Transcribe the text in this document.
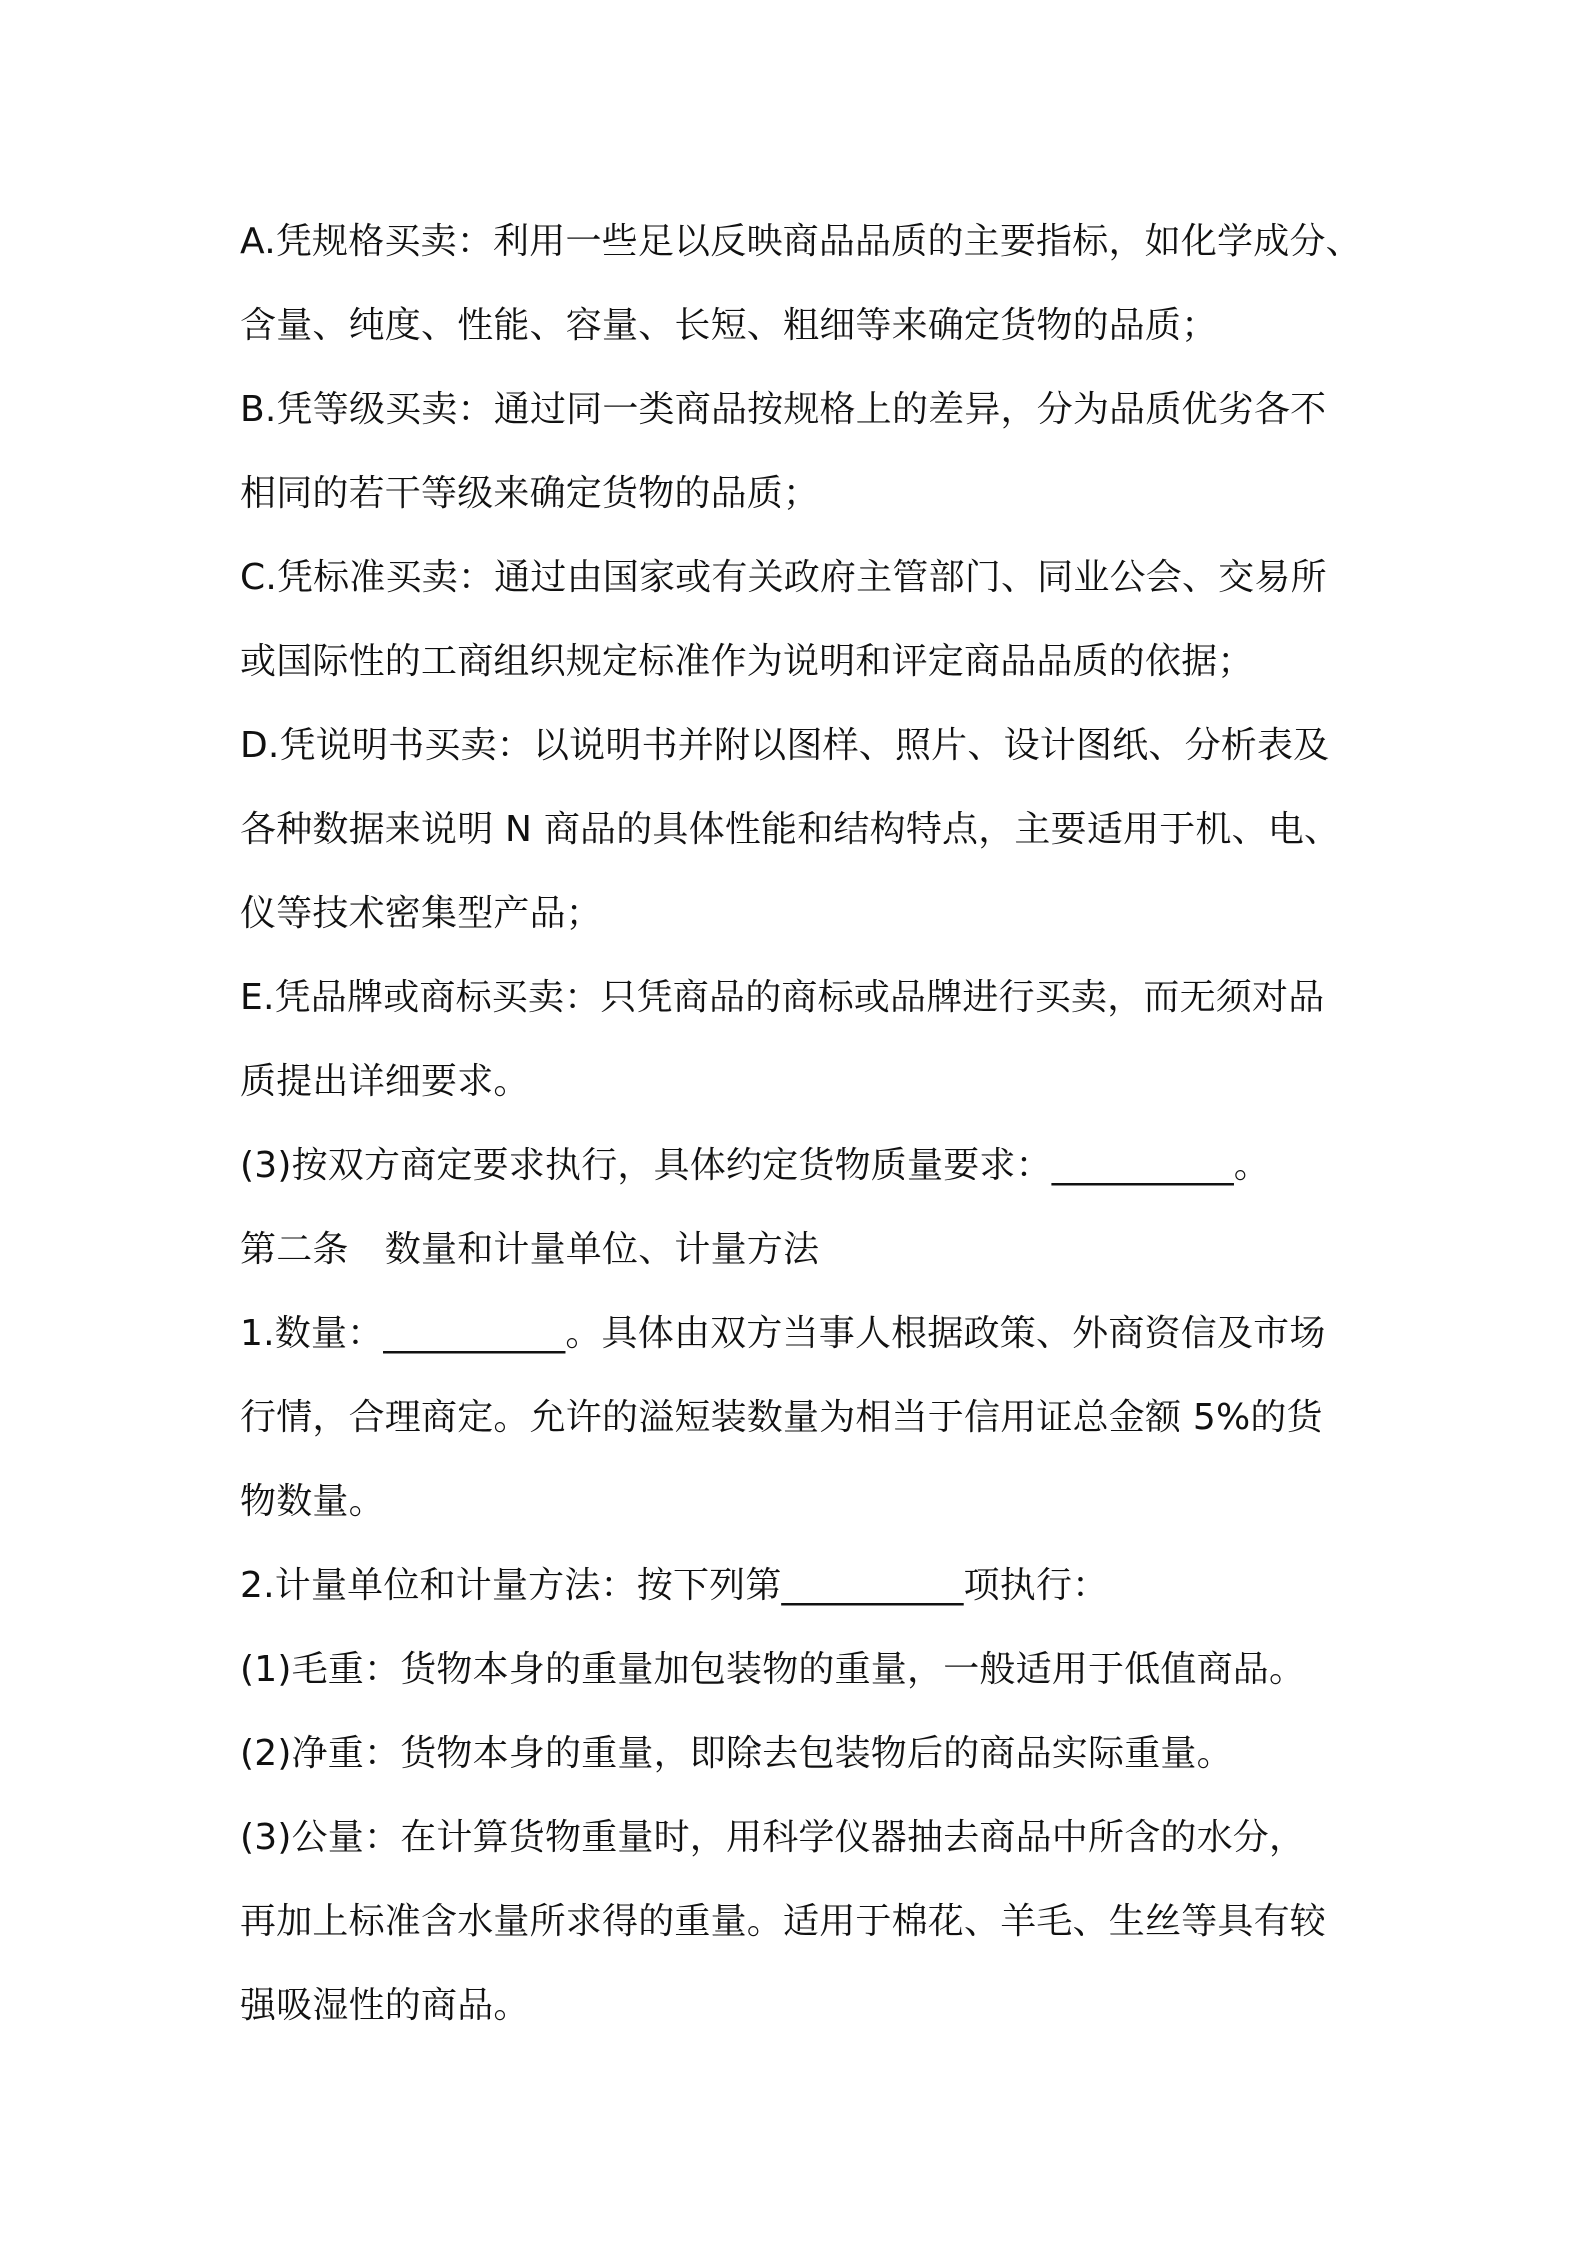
A.凭规格买卖：利用一些足以反映商品品质的主要指标，如化学成分、
含量、纯度、性能、容量、长短、粗细等来确定货物的品质；
B.凭等级买卖：通过同一类商品按规格上的差异，分为品质优劣各不
相同的若干等级来确定货物的品质；
C.凭标准买卖：通过由国家或有关政府主管部门、同业公会、交易所
或国际性的工商组织规定标准作为说明和评定商品品质的依据；
D.凭说明书买卖：以说明书并附以图样、照片、设计图纸、分析表及
各种数据来说明 N 商品的具体性能和结构特点，主要适用于机、电、
仪等技术密集型产品；
E.凭品牌或商标买卖：只凭商品的商标或品牌进行买卖，而无须对品
质提出详细要求。
(3)按双方商定要求执行，具体约定货物质量要求：__________。
第二条　数量和计量单位、计量方法
1.数量：__________。具体由双方当事人根据政策、外商资信及市场
行情，合理商定。允许的溢短装数量为相当于信用证总金额 5%的货
物数量。
2.计量单位和计量方法：按下列第__________项执行：
(1)毛重：货物本身的重量加包装物的重量，一般适用于低值商品。
(2)净重：货物本身的重量，即除去包装物后的商品实际重量。
(3)公量：在计算货物重量时，用科学仪器抽去商品中所含的水分，
再加上标准含水量所求得的重量。适用于棉花、羊毛、生丝等具有较
强吸湿性的商品。
